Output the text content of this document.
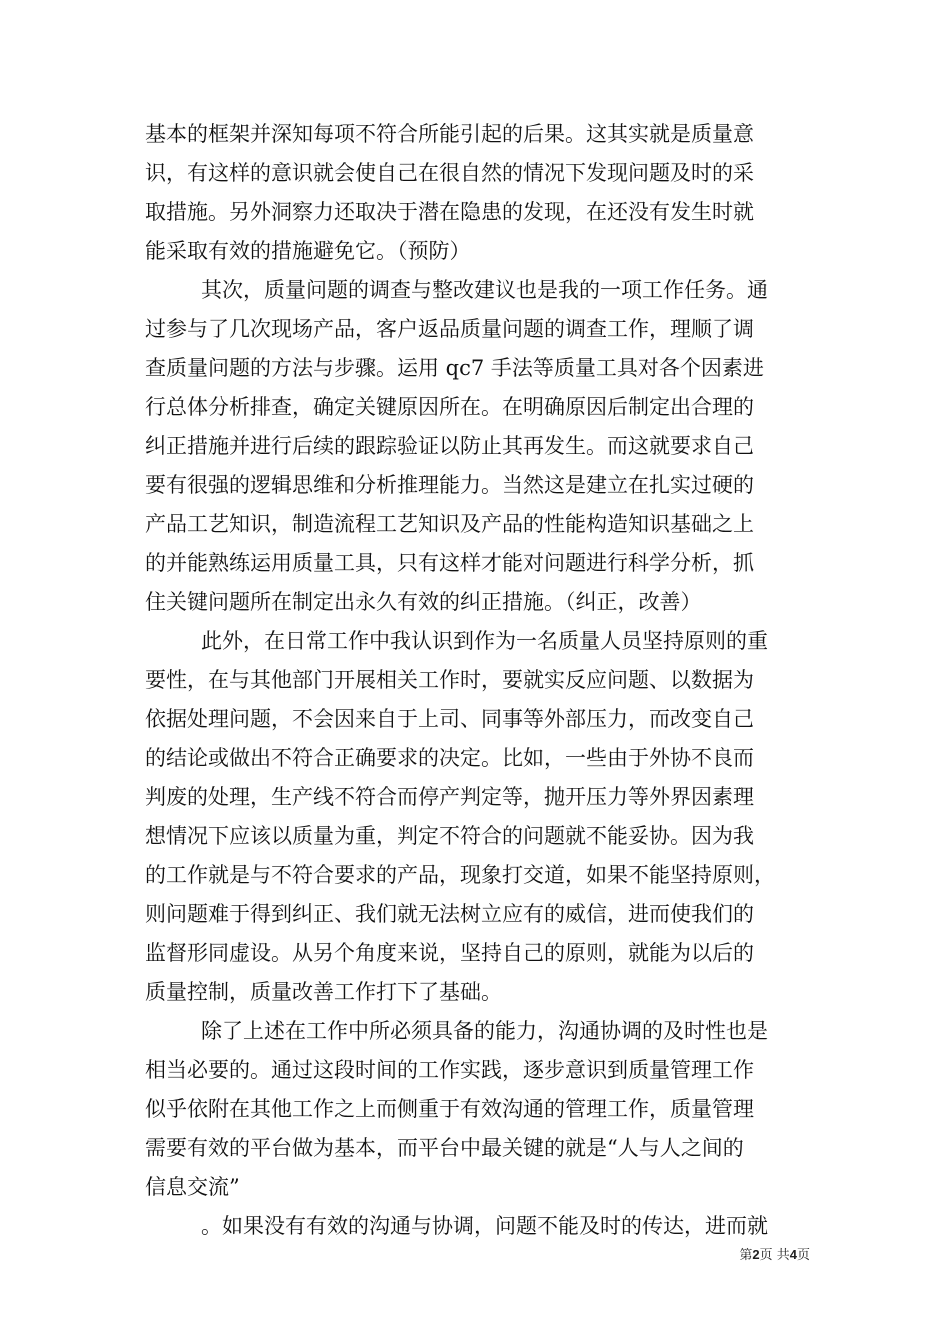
基本的框架并深知每项不符合所能引起的后果。这其实就是质量意
识，有这样的意识就会使自己在很自然的情况下发现问题及时的采
取措施。另外洞察力还取决于潜在隐患的发现，在还没有发生时就
能采取有效的措施避免它。（预防）
其次，质量问题的调查与整改建议也是我的一项工作任务。通
过参与了几次现场产品，客户返品质量问题的调查工作，理顺了调
查质量问题的方法与步骤。运用 qc7 手法等质量工具对各个因素进
行总体分析排查，确定关键原因所在。在明确原因后制定出合理的
纠正措施并进行后续的跟踪验证以防止其再发生。而这就要求自己
要有很强的逻辑思维和分析推理能力。当然这是建立在扎实过硬的
产品工艺知识，制造流程工艺知识及产品的性能构造知识基础之上
的并能熟练运用质量工具，只有这样才能对问题进行科学分析，抓
住关键问题所在制定出永久有效的纠正措施。（纠正，改善）
此外，在日常工作中我认识到作为一名质量人员坚持原则的重
要性，在与其他部门开展相关工作时，要就实反应问题、以数据为
依据处理问题，不会因来自于上司、同事等外部压力，而改变自己
的结论或做出不符合正确要求的决定。比如，一些由于外协不良而
判废的处理，生产线不符合而停产判定等，抛开压力等外界因素理
想情况下应该以质量为重，判定不符合的问题就不能妥协。因为我
的工作就是与不符合要求的产品，现象打交道，如果不能坚持原则，
则问题难于得到纠正、我们就无法树立应有的威信，进而使我们的
监督形同虚设。从另个角度来说，坚持自己的原则，就能为以后的
质量控制，质量改善工作打下了基础。
除了上述在工作中所必须具备的能力，沟通协调的及时性也是
相当必要的。通过这段时间的工作实践，逐步意识到质量管理工作
似乎依附在其他工作之上而侧重于有效沟通的管理工作，质量管理
需要有效的平台做为基本，而平台中最关键的就是“人与人之间的
信息交流”
。如果没有有效的沟通与协调，问题不能及时的传达，进而就
第2页 共4页
